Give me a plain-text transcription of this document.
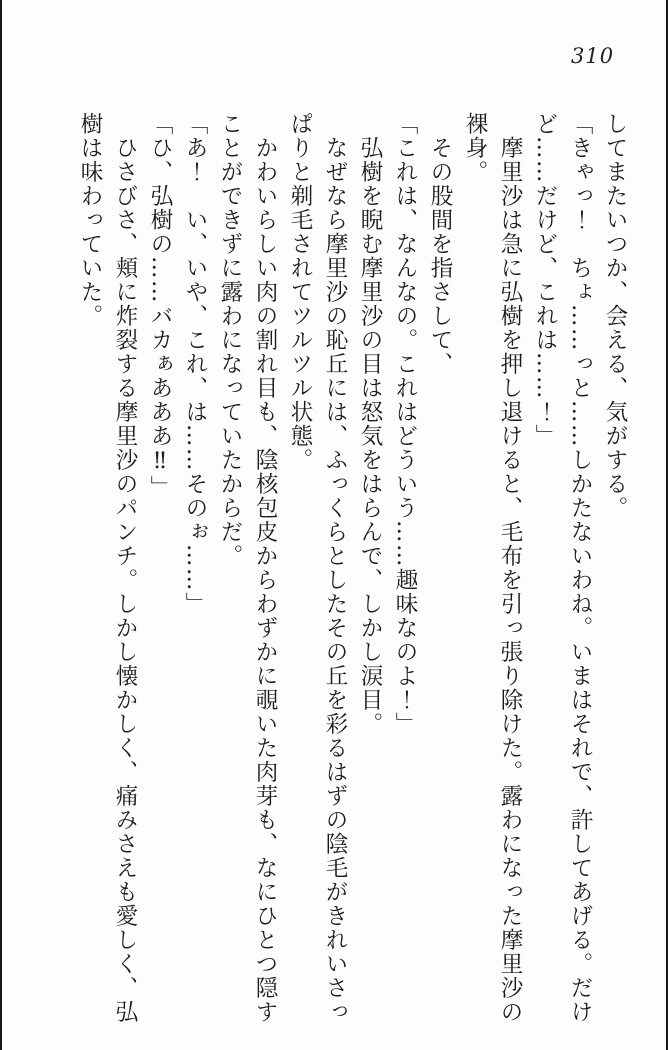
310
してまたいつか、会える、気がする。
「きゃっ！　ちょ……っと……しかたないわね。いまはそれで、許してあげる。だけ
ど……だけど、これは……！」
摩里沙は急に弘樹を押し退けると、毛布を引っ張り除けた。露わになった摩里沙の
裸身。
その股間を指さして、
「これは、なんなの。これはどういう……趣味なのよ！」
弘樹を睨む摩里沙の目は怒気をはらんで、しかし涙目。
なぜなら摩里沙の恥丘には、ふっくらとしたその丘を彩るはずの陰毛がきれいさっ
ぱりと剃毛されてツルツル状態。
かわいらしい肉の割れ目も、陰核包皮からわずかに覗いた肉芽も、なにひとつ隠す
ことができずに露わになっていたからだ。
「あ！　い、いや、これ、は……そのぉ……」
「ひ、弘樹の……バカぁあああ‼」
ひさびさ、頬に炸裂する摩里沙のパンチ。しかし懐かしく、痛みさえも愛しく、弘
樹は味わっていた。
